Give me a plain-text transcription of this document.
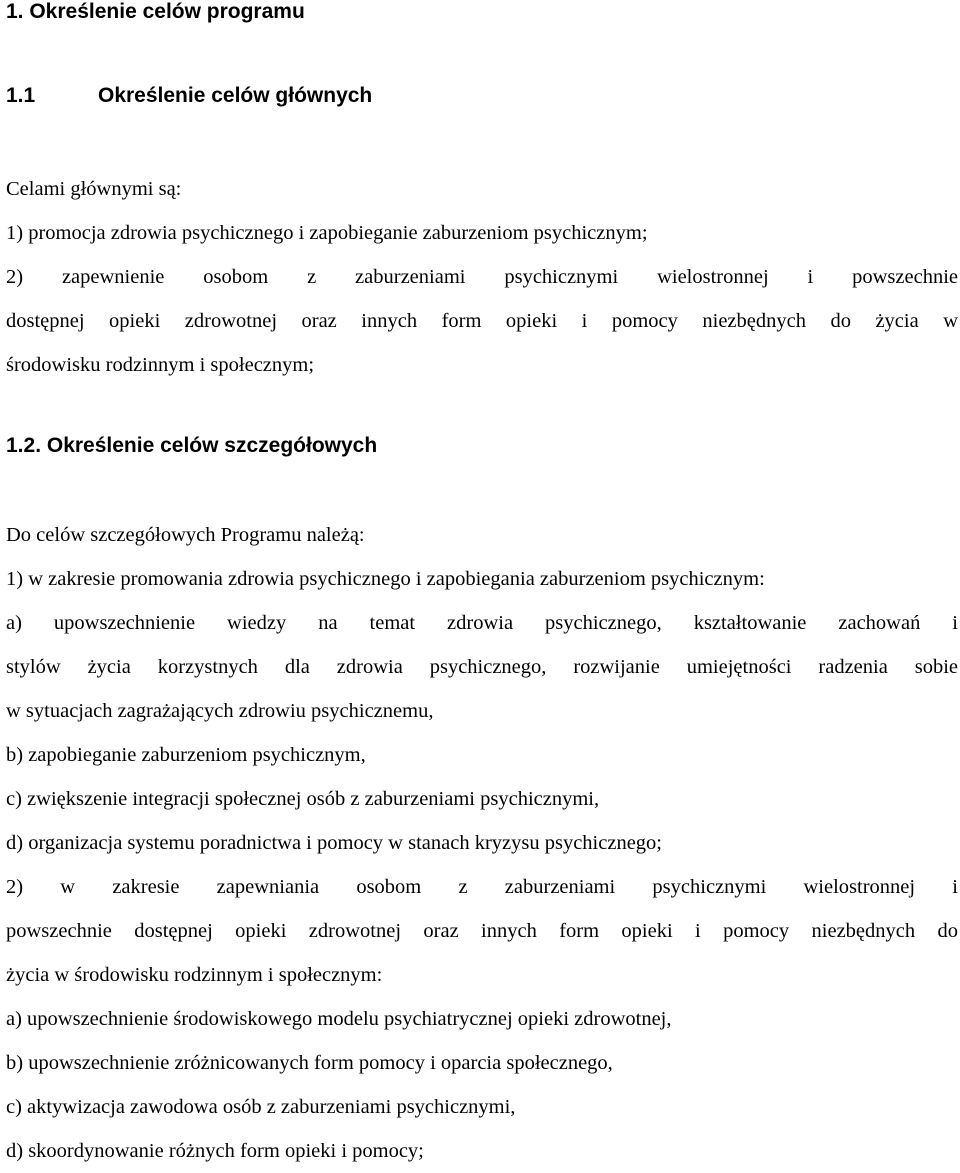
1. Określenie celów programu
1.1	Określenie celów głównych
Celami głównymi są:
1) promocja zdrowia psychicznego i zapobieganie zaburzeniom psychicznym;
2) zapewnienie osobom z zaburzeniami psychicznymi wielostronnej i powszechnie
dostępnej opieki zdrowotnej oraz innych form opieki i pomocy niezbędnych do życia w
środowisku rodzinnym i społecznym;
1.2. Określenie celów szczegółowych
Do celów szczegółowych Programu należą:
1) w zakresie promowania zdrowia psychicznego i zapobiegania zaburzeniom psychicznym:
a) upowszechnienie wiedzy na temat zdrowia psychicznego, kształtowanie zachowań i
stylów życia korzystnych dla zdrowia psychicznego, rozwijanie umiejętności radzenia sobie
w sytuacjach zagrażających zdrowiu psychicznemu,
b) zapobieganie zaburzeniom psychicznym,
c) zwiększenie integracji społecznej osób z zaburzeniami psychicznymi,
d) organizacja systemu poradnictwa i pomocy w stanach kryzysu psychicznego;
2) w zakresie zapewniania osobom z zaburzeniami psychicznymi wielostronnej i
powszechnie dostępnej opieki zdrowotnej oraz innych form opieki i pomocy niezbędnych do
życia w środowisku rodzinnym i społecznym:
a) upowszechnienie środowiskowego modelu psychiatrycznej opieki zdrowotnej,
b) upowszechnienie zróżnicowanych form pomocy i oparcia społecznego,
c) aktywizacja zawodowa osób z zaburzeniami psychicznymi,
d) skoordynowanie różnych form opieki i pomocy;
